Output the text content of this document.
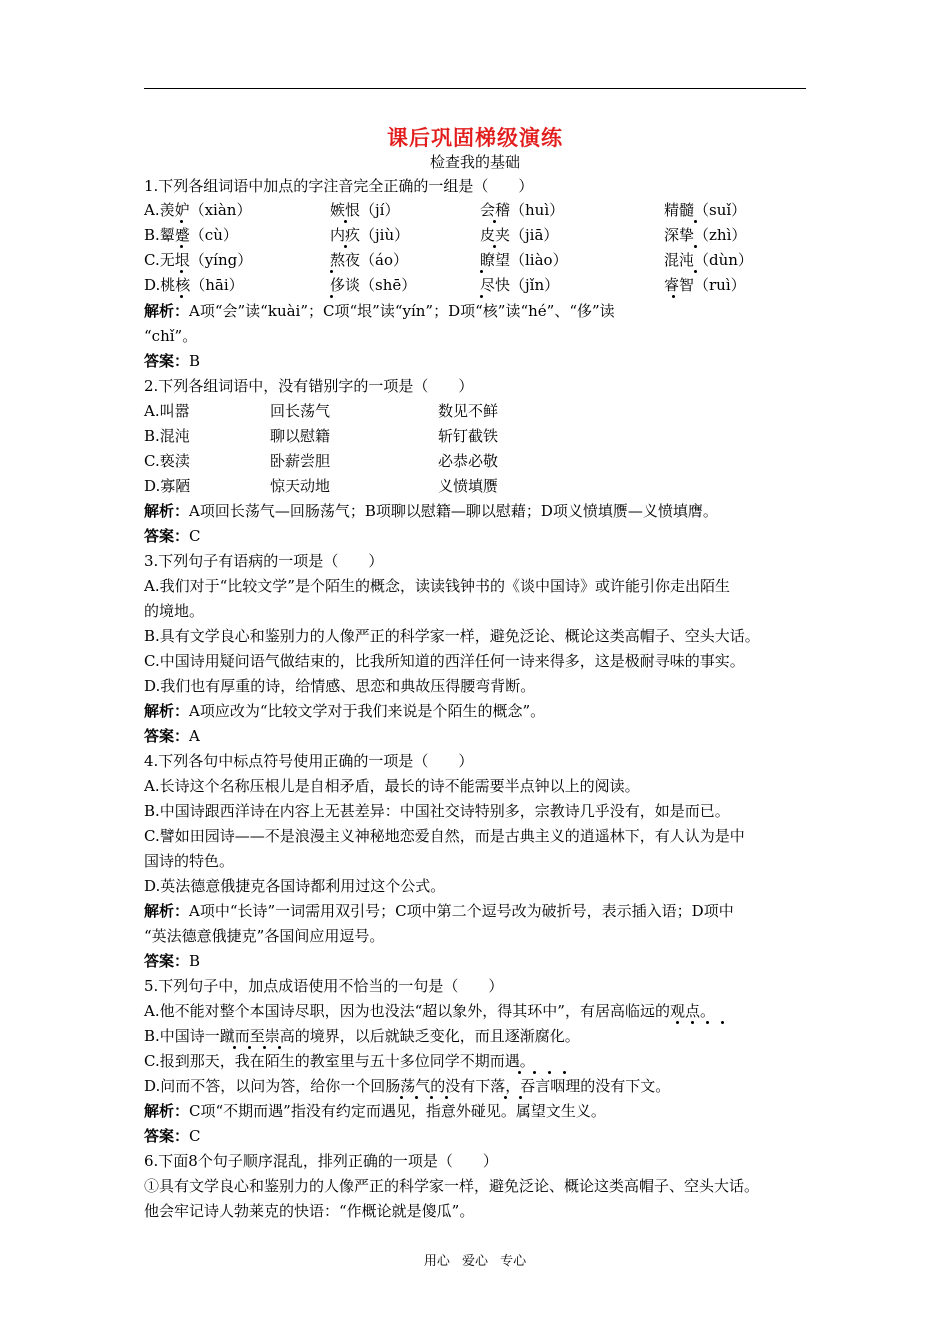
课后巩固梯级演练
检查我的基础
1.下列各组词语中加点的字注音完全正确的一组是（　　）
A.羡妒（xiàn）	嫉恨（jí）	会稽（huì）	精髓（suǐ）
B.颦蹙（cù）	内疚（jiù）	皮夹（jiā）	深挚（zhì）
C.无垠（yíng）	熬夜（áo）	瞭望（liào）	混沌（dùn）
D.桃核（hāi）	侈谈（shē）	尽快（jǐn）	睿智（ruì）
解析：A项“会”读“kuài”；C项“垠”读“yín”；D项“核”读“hé”、“侈”读
“chǐ”。
答案：B
2.下列各组词语中，没有错别字的一项是（　　）
A.叫嚣	回长荡气	数见不鲜
B.混沌	聊以慰籍	斩钉截铁
C.亵渎	卧薪尝胆	必恭必敬
D.寡陋	惊天动地	义愤填赝
解析：A项回长荡气—回肠荡气；B项聊以慰籍—聊以慰藉；D项义愤填赝—义愤填膺。
答案：C
3.下列句子有语病的一项是（　　）
A.我们对于“比较文学”是个陌生的概念，读读钱钟书的《谈中国诗》或许能引你走出陌生
的境地。
B.具有文学良心和鉴别力的人像严正的科学家一样，避免泛论、概论这类高帽子、空头大话。
C.中国诗用疑问语气做结束的，比我所知道的西洋任何一诗来得多，这是极耐寻味的事实。
D.我们也有厚重的诗，给情感、思恋和典故压得腰弯背断。
解析：A项应改为“比较文学对于我们来说是个陌生的概念”。
答案：A
4.下列各句中标点符号使用正确的一项是（　　）
A.长诗这个名称压根儿是自相矛盾，最长的诗不能需要半点钟以上的阅读。
B.中国诗跟西洋诗在内容上无甚差异：中国社交诗特别多，宗教诗几乎没有，如是而已。
C.譬如田园诗——不是浪漫主义神秘地恋爱自然，而是古典主义的逍遥林下，有人认为是中
国诗的特色。
D.英法德意俄捷克各国诗都利用过这个公式。
解析：A项中“长诗”一词需用双引号；C项中第二个逗号改为破折号，表示插入语；D项中
“英法德意俄捷克”各国间应用逗号。
答案：B
5.下列句子中，加点成语使用不恰当的一句是（　　）
A.他不能对整个本国诗尽职，因为也没法“超以象外，得其环中”，有居高临远的观点。
B.中国诗一蹴而至崇高的境界，以后就缺乏变化，而且逐渐腐化。
C.报到那天，我在陌生的教室里与五十多位同学不期而遇。
D.问而不答，以问为答，给你一个回肠荡气的没有下落，吞言咽理的没有下文。
解析：C项“不期而遇”指没有约定而遇见，指意外碰见。属望文生义。
答案：C
6.下面8个句子顺序混乱，排列正确的一项是（　　）
①具有文学良心和鉴别力的人像严正的科学家一样，避免泛论、概论这类高帽子、空头大话。
他会牢记诗人勃莱克的快语：“作概论就是傻瓜”。
用心 爱心 专心
